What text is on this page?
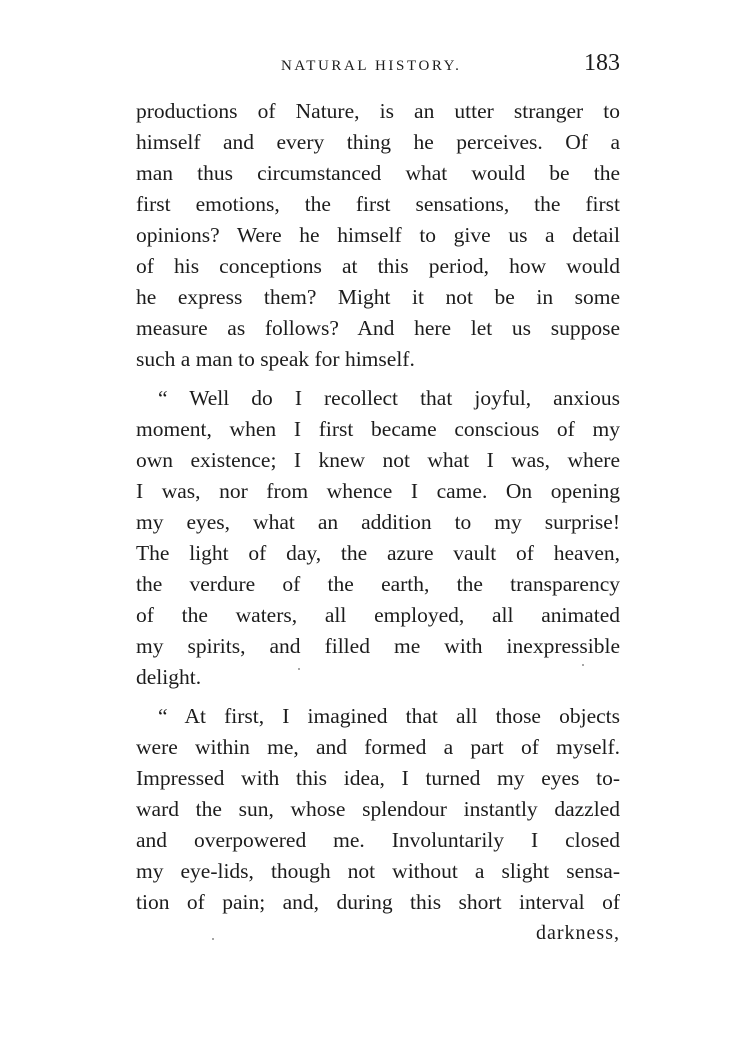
NATURAL HISTORY.	183
productions of Nature, is an utter stranger to
himself and every thing he perceives. Of a
man thus circumstanced what would be the
first emotions, the first sensations, the first
opinions? Were he himself to give us a detail
of his conceptions at this period, how would
he express them? Might it not be in some
measure as follows? And here let us suppose
such a man to speak for himself.
“ Well do I recollect that joyful, anxious
moment, when I first became conscious of my
own existence; I knew not what I was, where
I was, nor from whence I came. On opening
my eyes, what an addition to my surprise!
The light of day, the azure vault of heaven,
the verdure of the earth, the transparency
of the waters, all employed, all animated
my spirits, and filled me with inexpressible
delight.
“ At first, I imagined that all those objects
were within me, and formed a part of myself.
Impressed with this idea, I turned my eyes to-
ward the sun, whose splendour instantly dazzled
and overpowered me. Involuntarily I closed
my eye-lids, though not without a slight sensa-
tion of pain; and, during this short interval of
darkness,
